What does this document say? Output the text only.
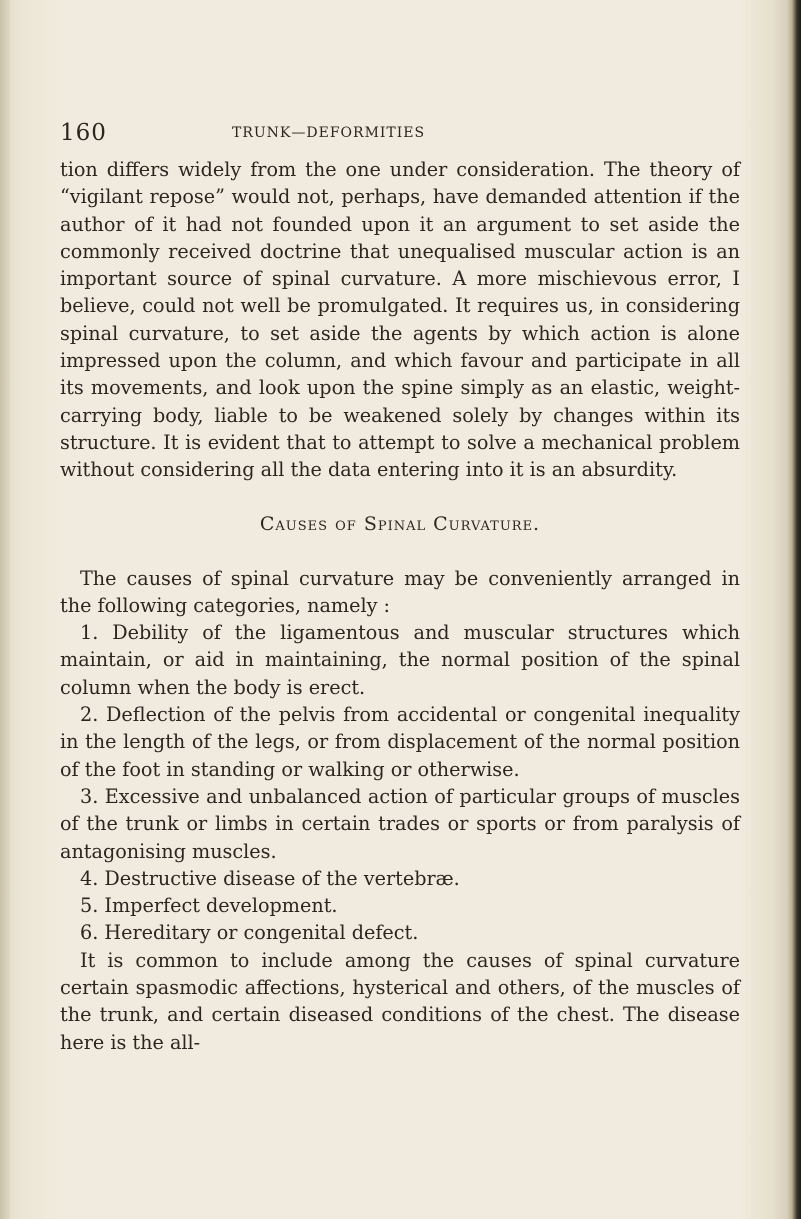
160	TRUNK—DEFORMITIES

tion differs widely from the one under consideration. The theory of “vigilant repose” would not, perhaps, have demanded attention if the author of it had not founded upon it an argument to set aside the commonly received doctrine that unequalised muscular action is an important source of spinal curvature. A more mischievous error, I believe, could not well be promulgated. It requires us, in considering spinal curvature, to set aside the agents by which action is alone impressed upon the column, and which favour and participate in all its movements, and look upon the spine simply as an elastic, weight-carrying body, liable to be weakened solely by changes within its structure. It is evident that to attempt to solve a mechanical problem without considering all the data entering into it is an absurdity.

Causes of Spinal Curvature.

The causes of spinal curvature may be conveniently arranged in the following categories, namely :

1. Debility of the ligamentous and muscular structures which maintain, or aid in maintaining, the normal position of the spinal column when the body is erect.

2. Deflection of the pelvis from accidental or congenital inequality in the length of the legs, or from displacement of the normal position of the foot in standing or walking or otherwise.

3. Excessive and unbalanced action of particular groups of muscles of the trunk or limbs in certain trades or sports or from paralysis of antagonising muscles.

4. Destructive disease of the vertebræ.

5. Imperfect development.

6. Hereditary or congenital defect.

It is common to include among the causes of spinal curvature certain spasmodic affections, hysterical and others, of the muscles of the trunk, and certain diseased conditions of the chest. The disease here is the all-
